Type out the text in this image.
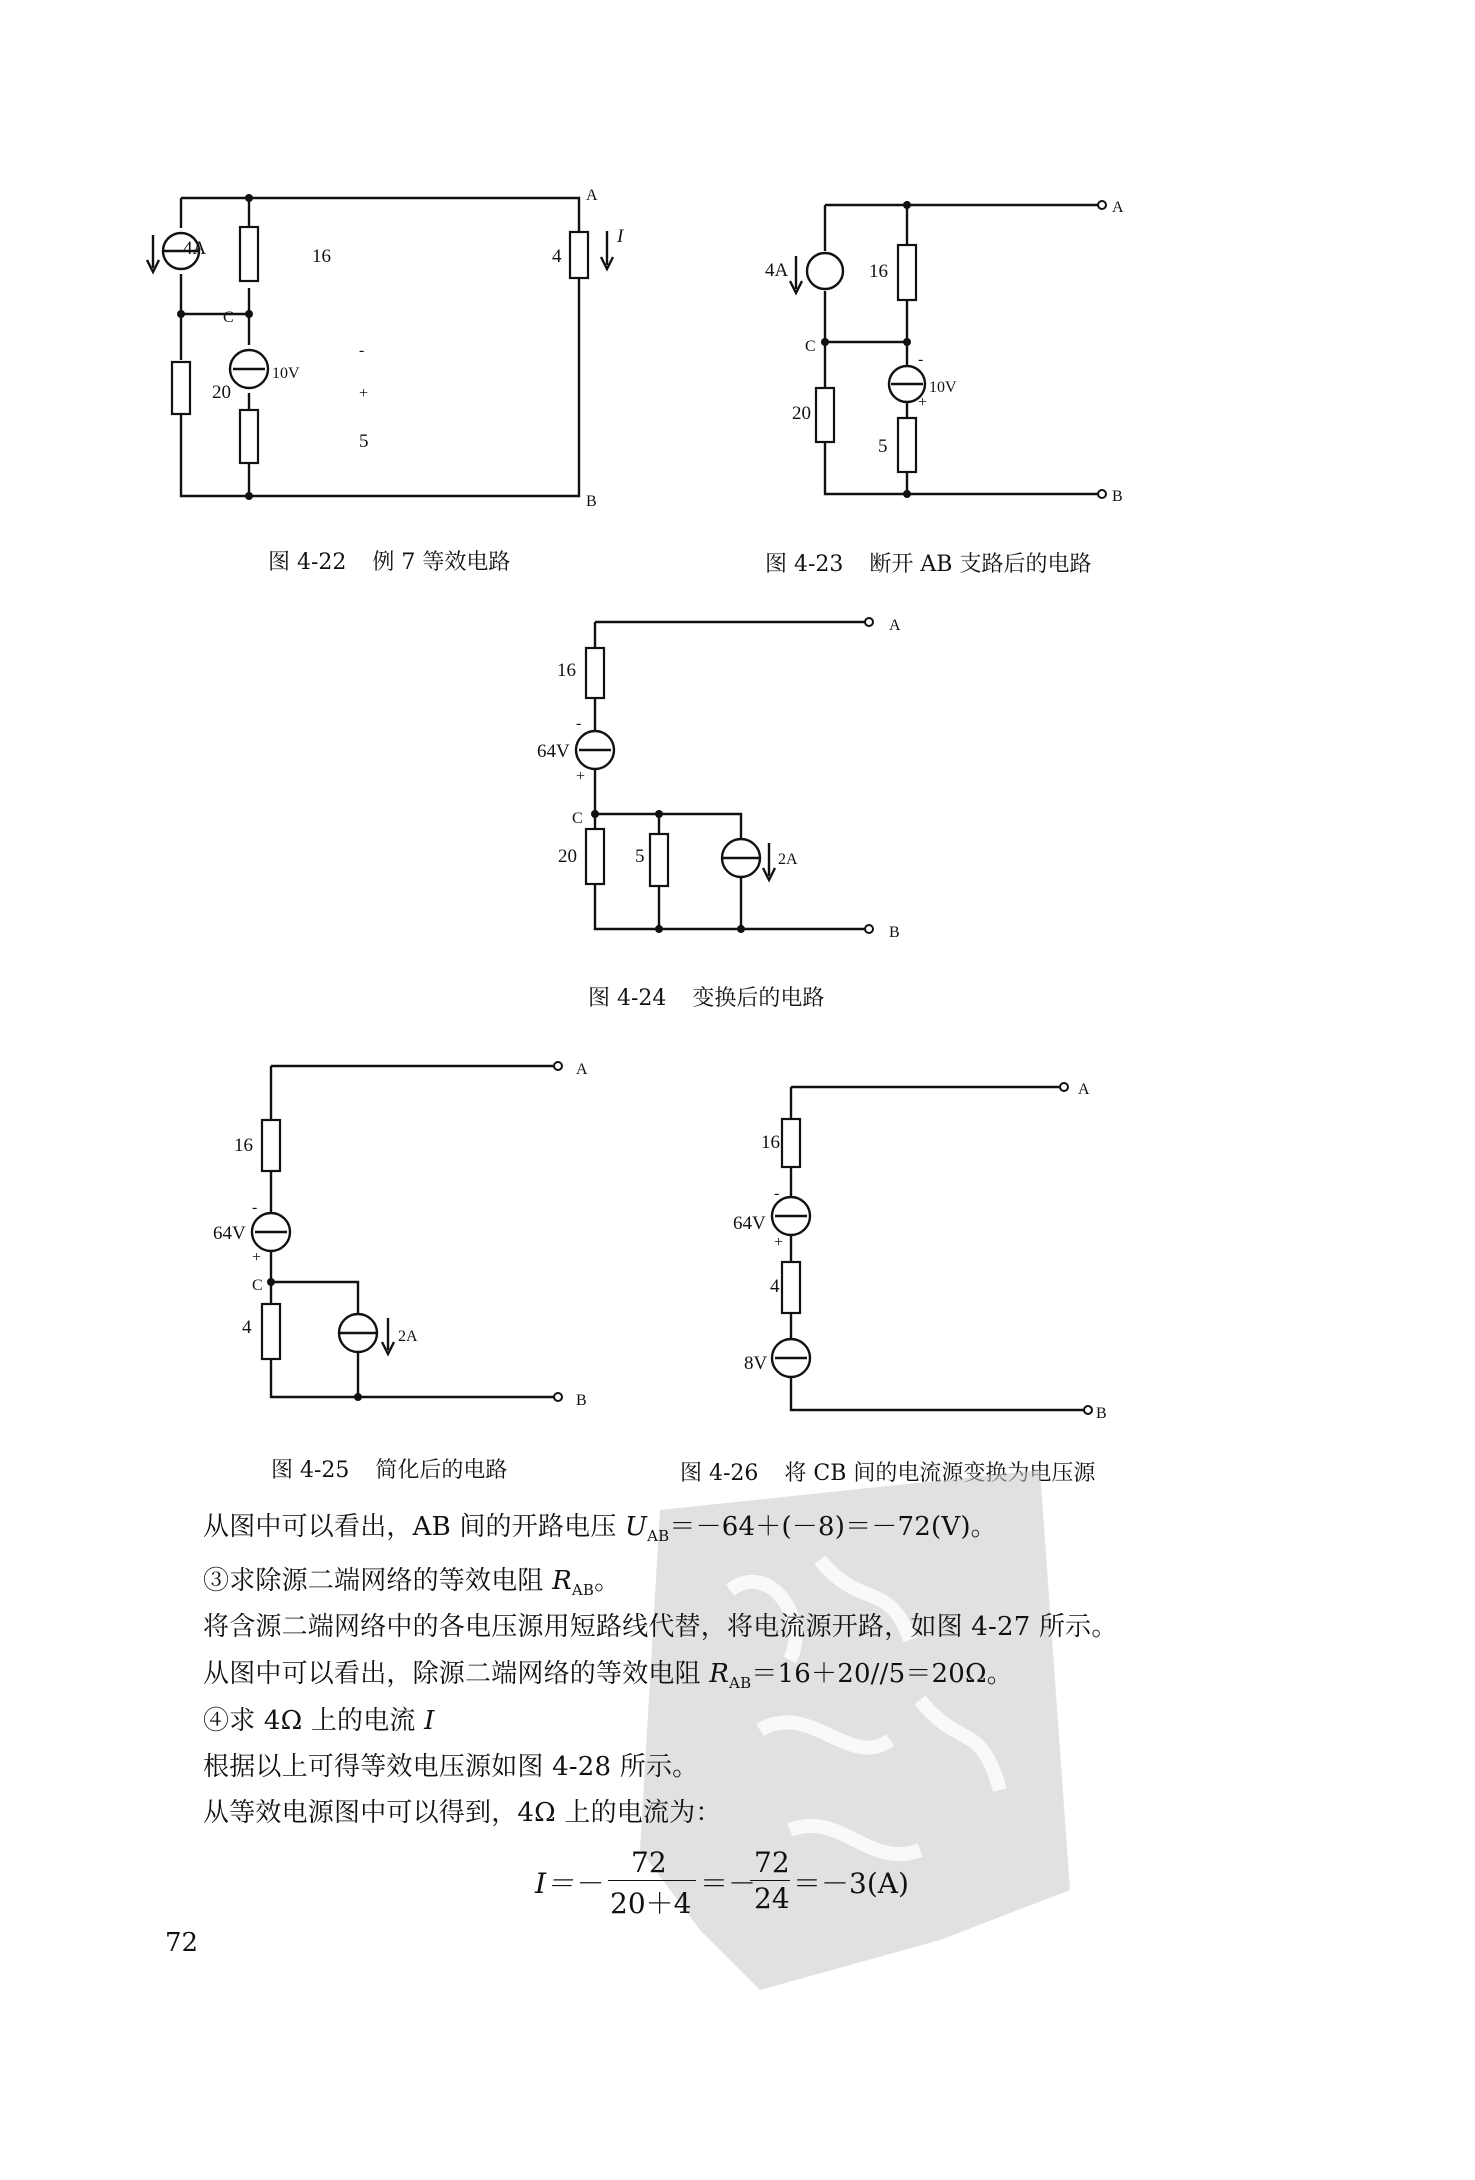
4A	16	4
I
A
B
C
20
10V
5
-
+
4A	16
A
B
C
20
10V
5
-
+
16
64V
A
B
C
20	5	2A
-
+
16
64V
A
B
C
4	2A
-
+
16
64V
4
8V
A
B
-
+
图 4-22 例 7 等效电路	图 4-23 断开 AB 支路后的电路
图 4-24 变换后的电路
图 4-25 简化后的电路	图 4-26 将 CB 间的电流源变换为电压源
从图中可以看出，AB 间的开路电压 $U_{AB}=-64+(-8)=-72(V)$。
③求除源二端网络的等效电阻 $R_{AB}$。
将含源二端网络中的各电压源用短路线代替，将电流源开路，如图 4-27 所示。
从图中可以看出，除源二端网络的等效电阻 $R_{AB}=16+20//5=20\Omega$。
④求 4Ω 上的电流 I
根据以上可得等效电压源如图 4-28 所示。
从等效电源图中可以得到，4Ω 上的电流为：
I＝－
72
20＋4
＝－
72
24 ＝－3(A)
72
